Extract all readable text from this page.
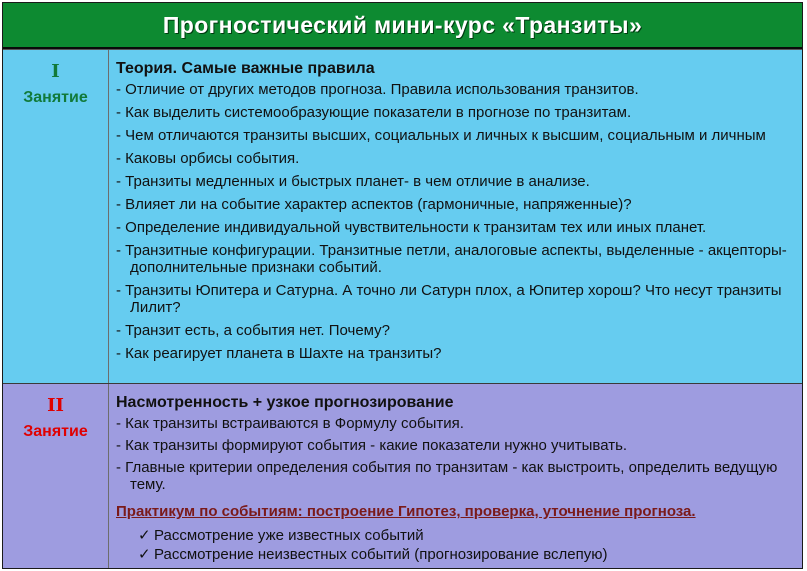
Прогностический мини-курс «Транзиты»
I
Занятие
Теория. Самые важные правила
- Отличие от других методов прогноза. Правила использования транзитов.
- Как выделить системообразующие показатели в прогнозе по транзитам.
- Чем отличаются транзиты высших, социальных и личных к высшим, социальным и личным
- Каковы орбисы события.
- Транзиты медленных и быстрых планет- в чем отличие в анализе.
- Влияет ли на событие характер аспектов (гармоничные, напряженные)?
- Определение индивидуальной чувствительности к транзитам тех или иных планет.
- Транзитные конфигурации. Транзитные петли, аналоговые аспекты, выделенные - акцепторы-дополнительные признаки событий.
- Транзиты Юпитера и Сатурна. А точно ли Сатурн плох, а Юпитер хорош? Что несут транзиты Лилит?
- Транзит есть, а события нет. Почему?
- Как реагирует планета в Шахте на транзиты?
II
Занятие
Насмотренность + узкое прогнозирование
- Как транзиты встраиваются в Формулу события.
- Как транзиты формируют события - какие показатели нужно учитывать.
- Главные критерии определения события по транзитам - как выстроить, определить ведущую тему.
Практикум по событиям: построение Гипотез, проверка, уточнение прогноза.
✓ Рассмотрение уже известных событий
✓ Рассмотрение неизвестных событий (прогнозирование вслепую)
